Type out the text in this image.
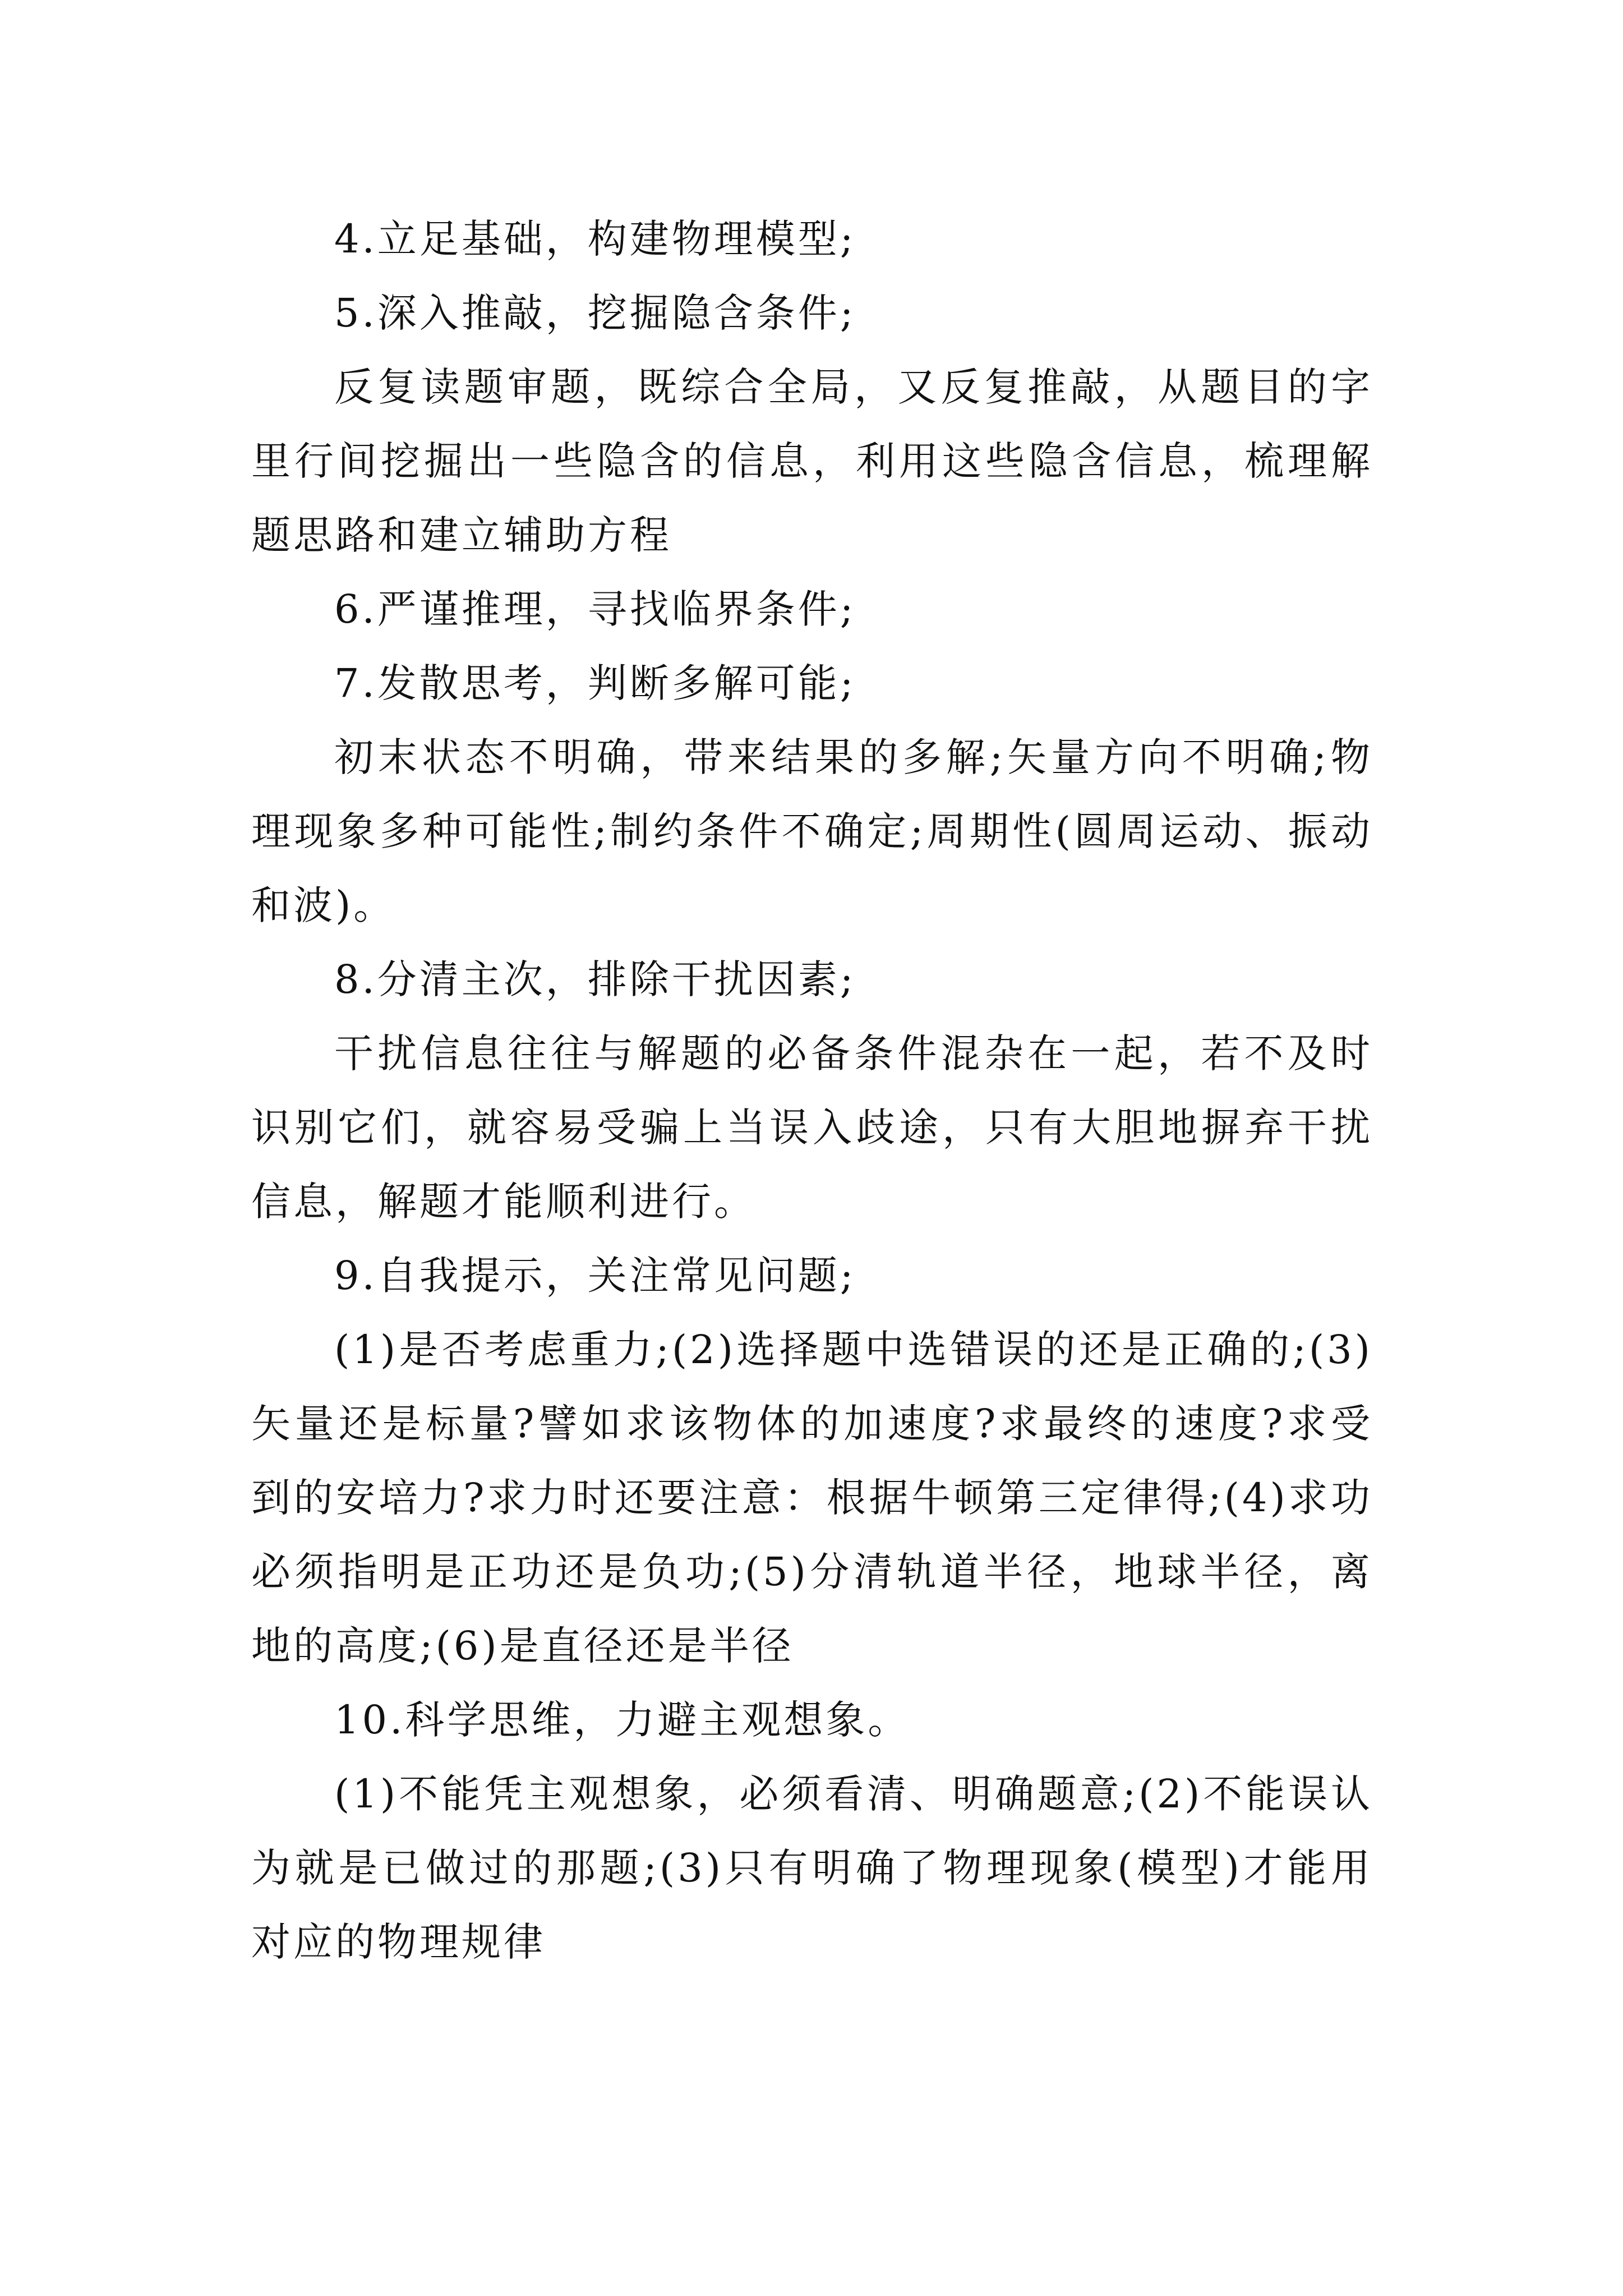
4.立足基础，构建物理模型;

5.深入推敲，挖掘隐含条件;

反复读题审题，既综合全局，又反复推敲，从题目的字里行间挖掘出一些隐含的信息，利用这些隐含信息，梳理解题思路和建立辅助方程

6.严谨推理，寻找临界条件;

7.发散思考，判断多解可能;

初末状态不明确，带来结果的多解;矢量方向不明确;物理现象多种可能性;制约条件不确定;周期性(圆周运动、振动和波)。

8.分清主次，排除干扰因素;

干扰信息往往与解题的必备条件混杂在一起，若不及时识别它们，就容易受骗上当误入歧途，只有大胆地摒弃干扰信息，解题才能顺利进行。

9.自我提示，关注常见问题;

(1)是否考虑重力;(2)选择题中选错误的还是正确的;(3)矢量还是标量?譬如求该物体的加速度?求最终的速度?求受到的安培力?求力时还要注意：根据牛顿第三定律得;(4)求功必须指明是正功还是负功;(5)分清轨道半径，地球半径，离地的高度;(6)是直径还是半径

10.科学思维，力避主观想象。

(1)不能凭主观想象，必须看清、明确题意;(2)不能误认为就是已做过的那题;(3)只有明确了物理现象(模型)才能用对应的物理规律
